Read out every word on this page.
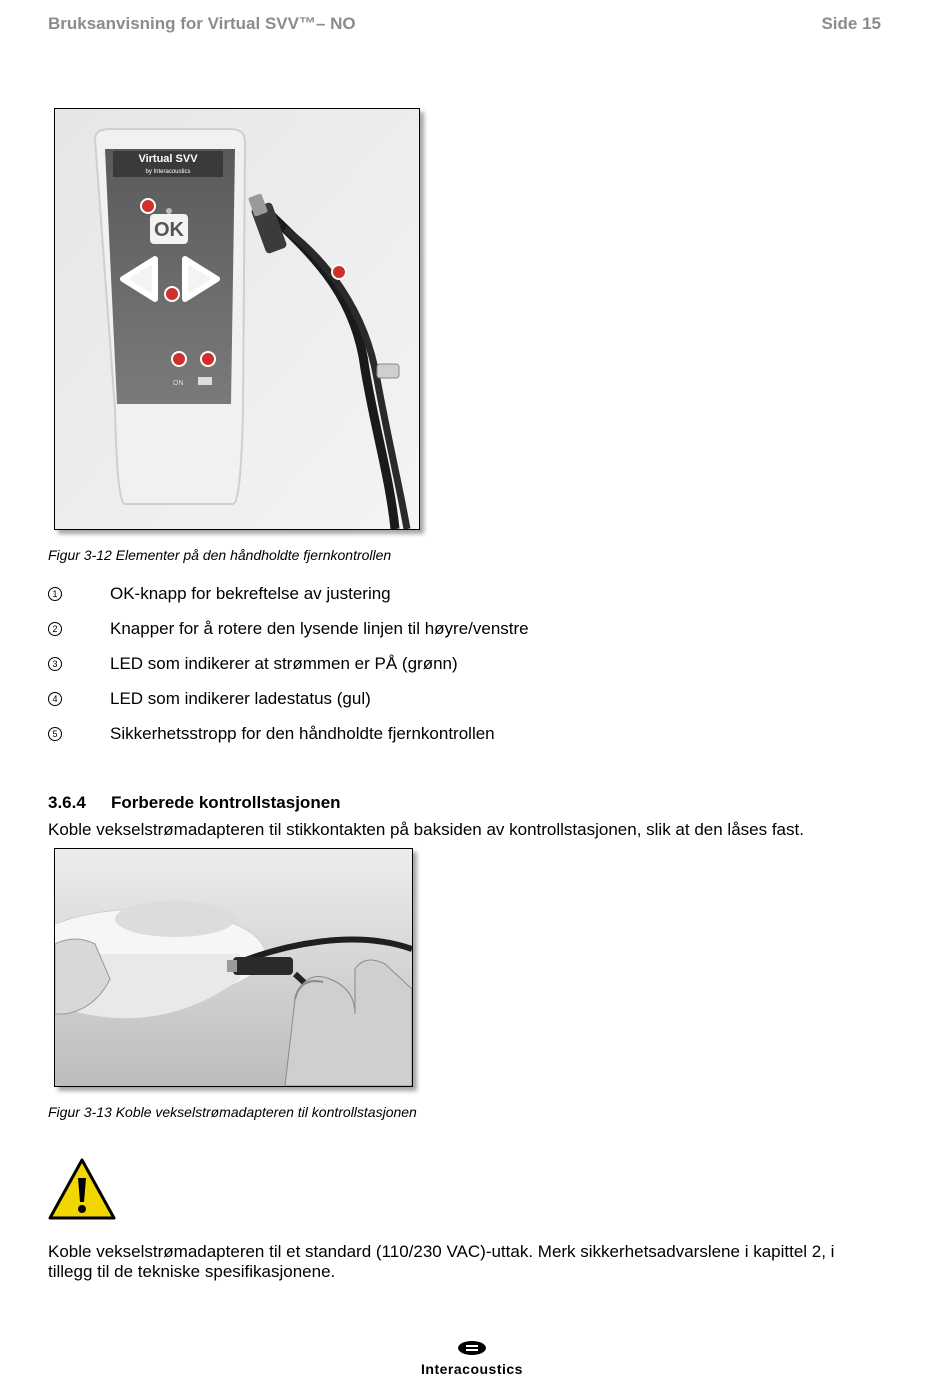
Bruksanvisning for Virtual SVV™– NO	Side 15
Virtual SVV
by Interacoustics
OK
ON
Figur 3-12 Elementer på den håndholdte fjernkontrollen
1	OK-knapp for bekreftelse av justering
2	Knapper for å rotere den lysende linjen til høyre/venstre
3	LED som indikerer at strømmen er PÅ (grønn)
4	LED som indikerer ladestatus (gul)
5	Sikkerhetsstropp for den håndholdte fjernkontrollen
3.6.4 Forberede kontrollstasjonen
Koble vekselstrømadapteren til stikkontakten på baksiden av kontrollstasjonen, slik at den låses fast.
Figur 3-13 Koble vekselstrømadapteren til kontrollstasjonen
Koble vekselstrømadapteren til et standard (110/230 VAC)-uttak. Merk sikkerhetsadvarslene i kapittel 2, i tillegg til de tekniske spesifikasjonene.
Interacoustics
